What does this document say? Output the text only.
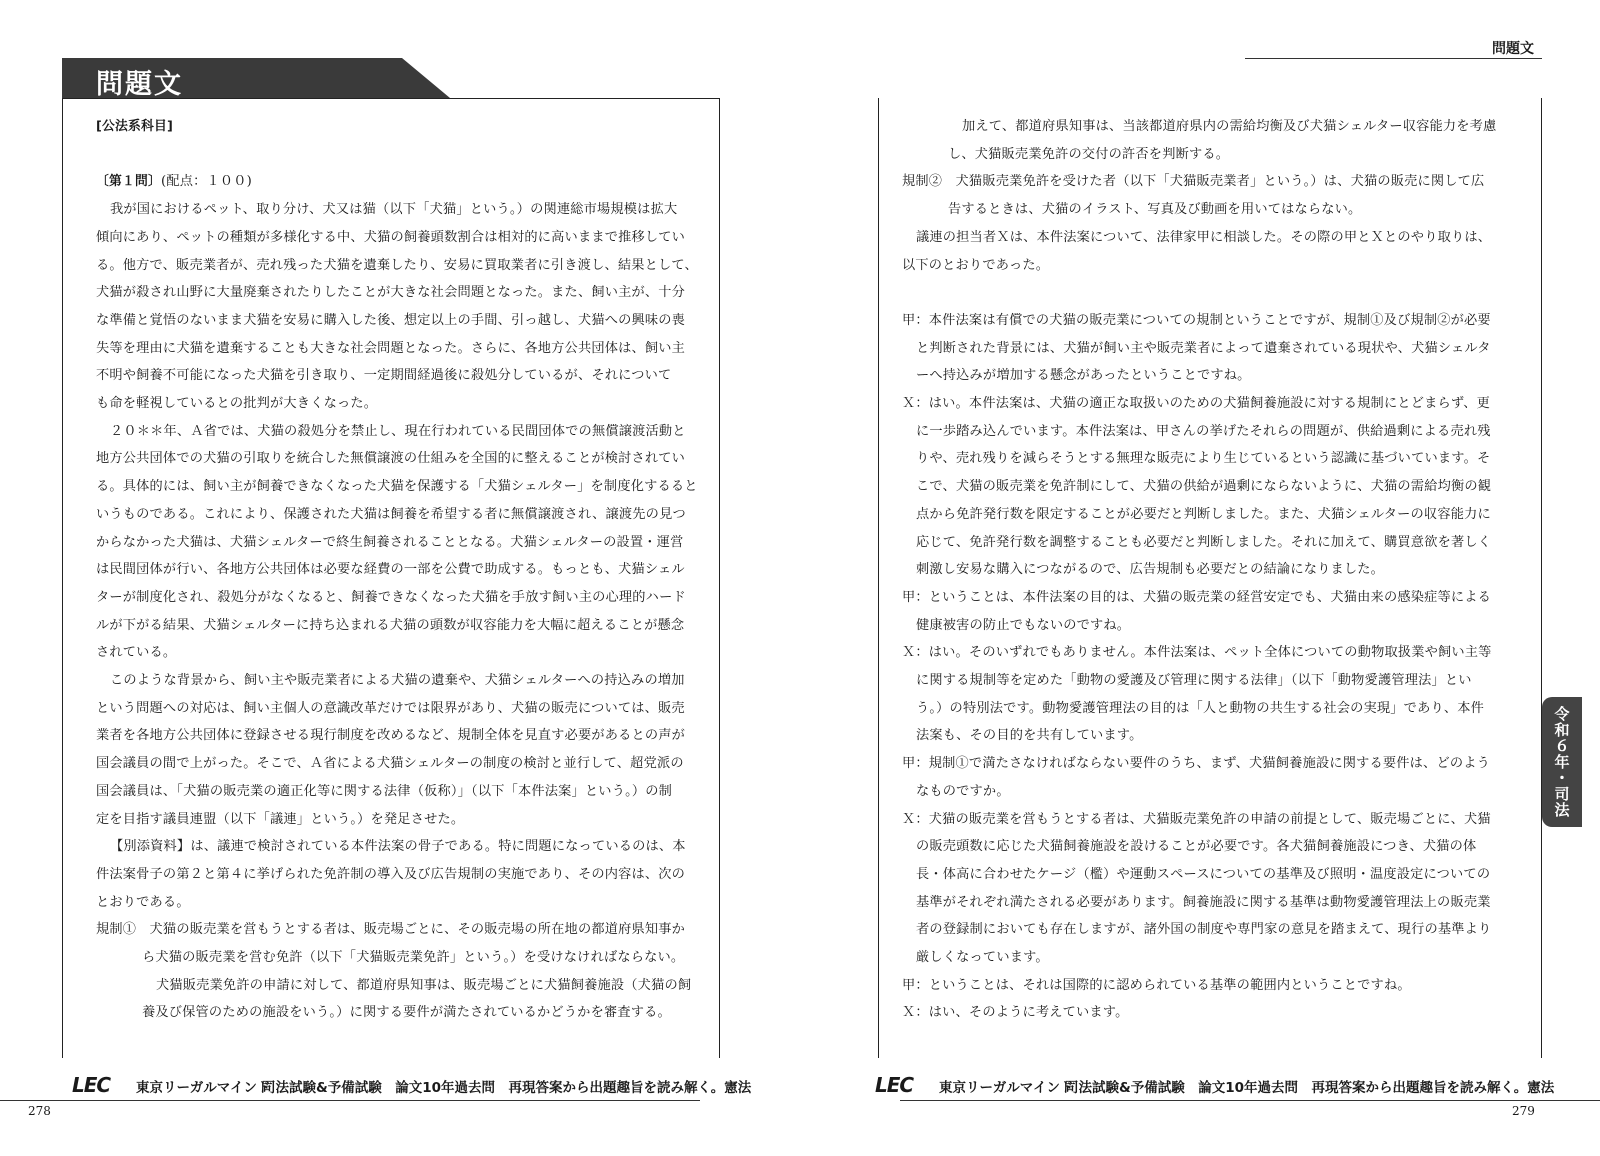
問題文

[公法系科目]

〔第１問〕(配点：１００)

我が国におけるペット、取り分け、犬又は猫（以下「犬猫」という。）の関連総市場規模は拡大

傾向にあり、ペットの種類が多様化する中、犬猫の飼養頭数割合は相対的に高いままで推移してい

る。他方で、販売業者が、売れ残った犬猫を遺棄したり、安易に買取業者に引き渡し、結果として、

犬猫が殺され山野に大量廃棄されたりしたことが大きな社会問題となった。また、飼い主が、十分

な準備と覚悟のないまま犬猫を安易に購入した後、想定以上の手間、引っ越し、犬猫への興味の喪

失等を理由に犬猫を遺棄することも大きな社会問題となった。さらに、各地方公共団体は、飼い主

不明や飼養不可能になった犬猫を引き取り、一定期間経過後に殺処分しているが、それについて

も命を軽視しているとの批判が大きくなった。

２０＊＊年、Ａ省では、犬猫の殺処分を禁止し、現在行われている民間団体での無償譲渡活動と

地方公共団体での犬猫の引取りを統合した無償譲渡の仕組みを全国的に整えることが検討されてい

る。具体的には、飼い主が飼養できなくなった犬猫を保護する「犬猫シェルター」を制度化するると

いうものである。これにより、保護された犬猫は飼養を希望する者に無償譲渡され、譲渡先の見つ

からなかった犬猫は、犬猫シェルターで終生飼養されることとなる。犬猫シェルターの設置・運営

は民間団体が行い、各地方公共団体は必要な経費の一部を公費で助成する。もっとも、犬猫シェル

ターが制度化され、殺処分がなくなると、飼養できなくなった犬猫を手放す飼い主の心理的ハード

ルが下がる結果、犬猫シェルターに持ち込まれる犬猫の頭数が収容能力を大幅に超えることが懸念

されている。

このような背景から、飼い主や販売業者による犬猫の遺棄や、犬猫シェルターへの持込みの増加

という問題への対応は、飼い主個人の意識改革だけでは限界があり、犬猫の販売については、販売

業者を各地方公共団体に登録させる現行制度を改めるなど、規制全体を見直す必要があるとの声が

国会議員の間で上がった。そこで、Ａ省による犬猫シェルターの制度の検討と並行して、超党派の

国会議員は、「犬猫の販売業の適正化等に関する法律（仮称）」（以下「本件法案」という。）の制

定を目指す議員連盟（以下「議連」という。）を発足させた。

【別添資料】は、議連で検討されている本件法案の骨子である。特に問題になっているのは、本

件法案骨子の第２と第４に挙げられた免許制の導入及び広告規制の実施であり、その内容は、次の

とおりである。

規制①　犬猫の販売業を営もうとする者は、販売場ごとに、その販売場の所在地の都道府県知事か

ら犬猫の販売業を営む免許（以下「犬猫販売業免許」という。）を受けなければならない。

犬猫販売業免許の申請に対して、都道府県知事は、販売場ごとに犬猫飼養施設（犬猫の飼

養及び保管のための施設をいう。）に関する要件が満たされているかどうかを審査する。

LEC 東京リーガルマインド
司法試験&予備試験　論文10年過去問　再現答案から出題趣旨を読み解く。憲法
278
問題文

加えて、都道府県知事は、当該都道府県内の需給均衡及び犬猫シェルター収容能力を考慮

し、犬猫販売業免許の交付の許否を判断する。

規制②　犬猫販売業免許を受けた者（以下「犬猫販売業者」という。）は、犬猫の販売に関して広

告するときは、犬猫のイラスト、写真及び動画を用いてはならない。

議連の担当者Ｘは、本件法案について、法律家甲に相談した。その際の甲とＸとのやり取りは、

以下のとおりであった。

甲：本件法案は有償での犬猫の販売業についての規制ということですが、規制①及び規制②が必要

と判断された背景には、犬猫が飼い主や販売業者によって遺棄されている現状や、犬猫シェルタ

ーへ持込みが増加する懸念があったということですね。

Ｘ：はい。本件法案は、犬猫の適正な取扱いのための犬猫飼養施設に対する規制にとどまらず、更

に一歩踏み込んでいます。本件法案は、甲さんの挙げたそれらの問題が、供給過剰による売れ残

りや、売れ残りを減らそうとする無理な販売により生じているという認識に基づいています。そ

こで、犬猫の販売業を免許制にして、犬猫の供給が過剰にならないように、犬猫の需給均衡の観

点から免許発行数を限定することが必要だと判断しました。また、犬猫シェルターの収容能力に

応じて、免許発行数を調整することも必要だと判断しました。それに加えて、購買意欲を著しく

刺激し安易な購入につながるので、広告規制も必要だとの結論になりました。

甲：ということは、本件法案の目的は、犬猫の販売業の経営安定でも、犬猫由来の感染症等による

健康被害の防止でもないのですね。

Ｘ：はい。そのいずれでもありません。本件法案は、ペット全体についての動物取扱業や飼い主等

に関する規制等を定めた「動物の愛護及び管理に関する法律」（以下「動物愛護管理法」とい

う。）の特別法です。動物愛護管理法の目的は「人と動物の共生する社会の実現」であり、本件

法案も、その目的を共有しています。

甲：規制①で満たさなければならない要件のうち、まず、犬猫飼養施設に関する要件は、どのよう

なものですか。

Ｘ：犬猫の販売業を営もうとする者は、犬猫販売業免許の申請の前提として、販売場ごとに、犬猫

の販売頭数に応じた犬猫飼養施設を設けることが必要です。各犬猫飼養施設につき、犬猫の体

長・体高に合わせたケージ（檻）や運動スペースについての基準及び照明・温度設定についての

基準がそれぞれ満たされる必要があります。飼養施設に関する基準は動物愛護管理法上の販売業

者の登録制においても存在しますが、諸外国の制度や専門家の意見を踏まえて、現行の基準より

厳しくなっています。

甲：ということは、それは国際的に認められている基準の範囲内ということですね。

Ｘ：はい、そのように考えています。

令和６年・司法
LEC 東京リーガルマインド
司法試験&予備試験　論文10年過去問　再現答案から出題趣旨を読み解く。憲法
279
